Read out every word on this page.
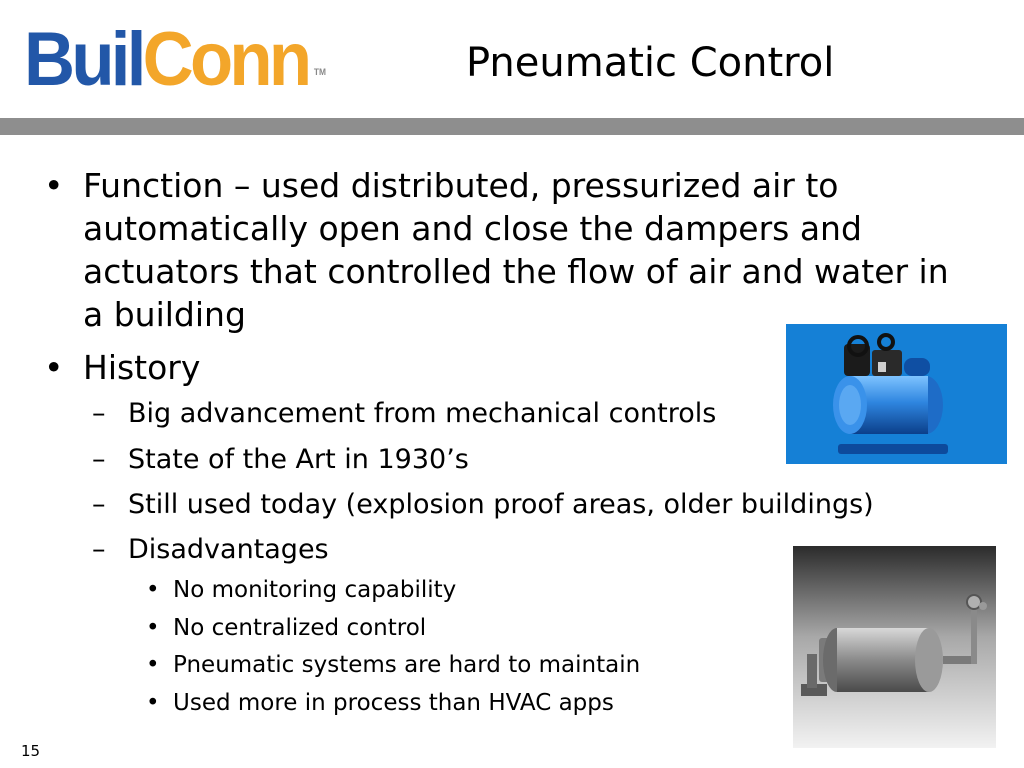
BuilConn ™	Pneumatic Control
• Function – used distributed, pressurized air to automatically open and close the dampers and actuators that controlled the flow of air and water in a building
• History
– Big advancement from mechanical controls
– State of the Art in 1930’s
– Still used today (explosion proof areas, older buildings)
– Disadvantages
• No monitoring capability
• No centralized control
• Pneumatic systems are hard to maintain
• Used more in process than HVAC apps
15
